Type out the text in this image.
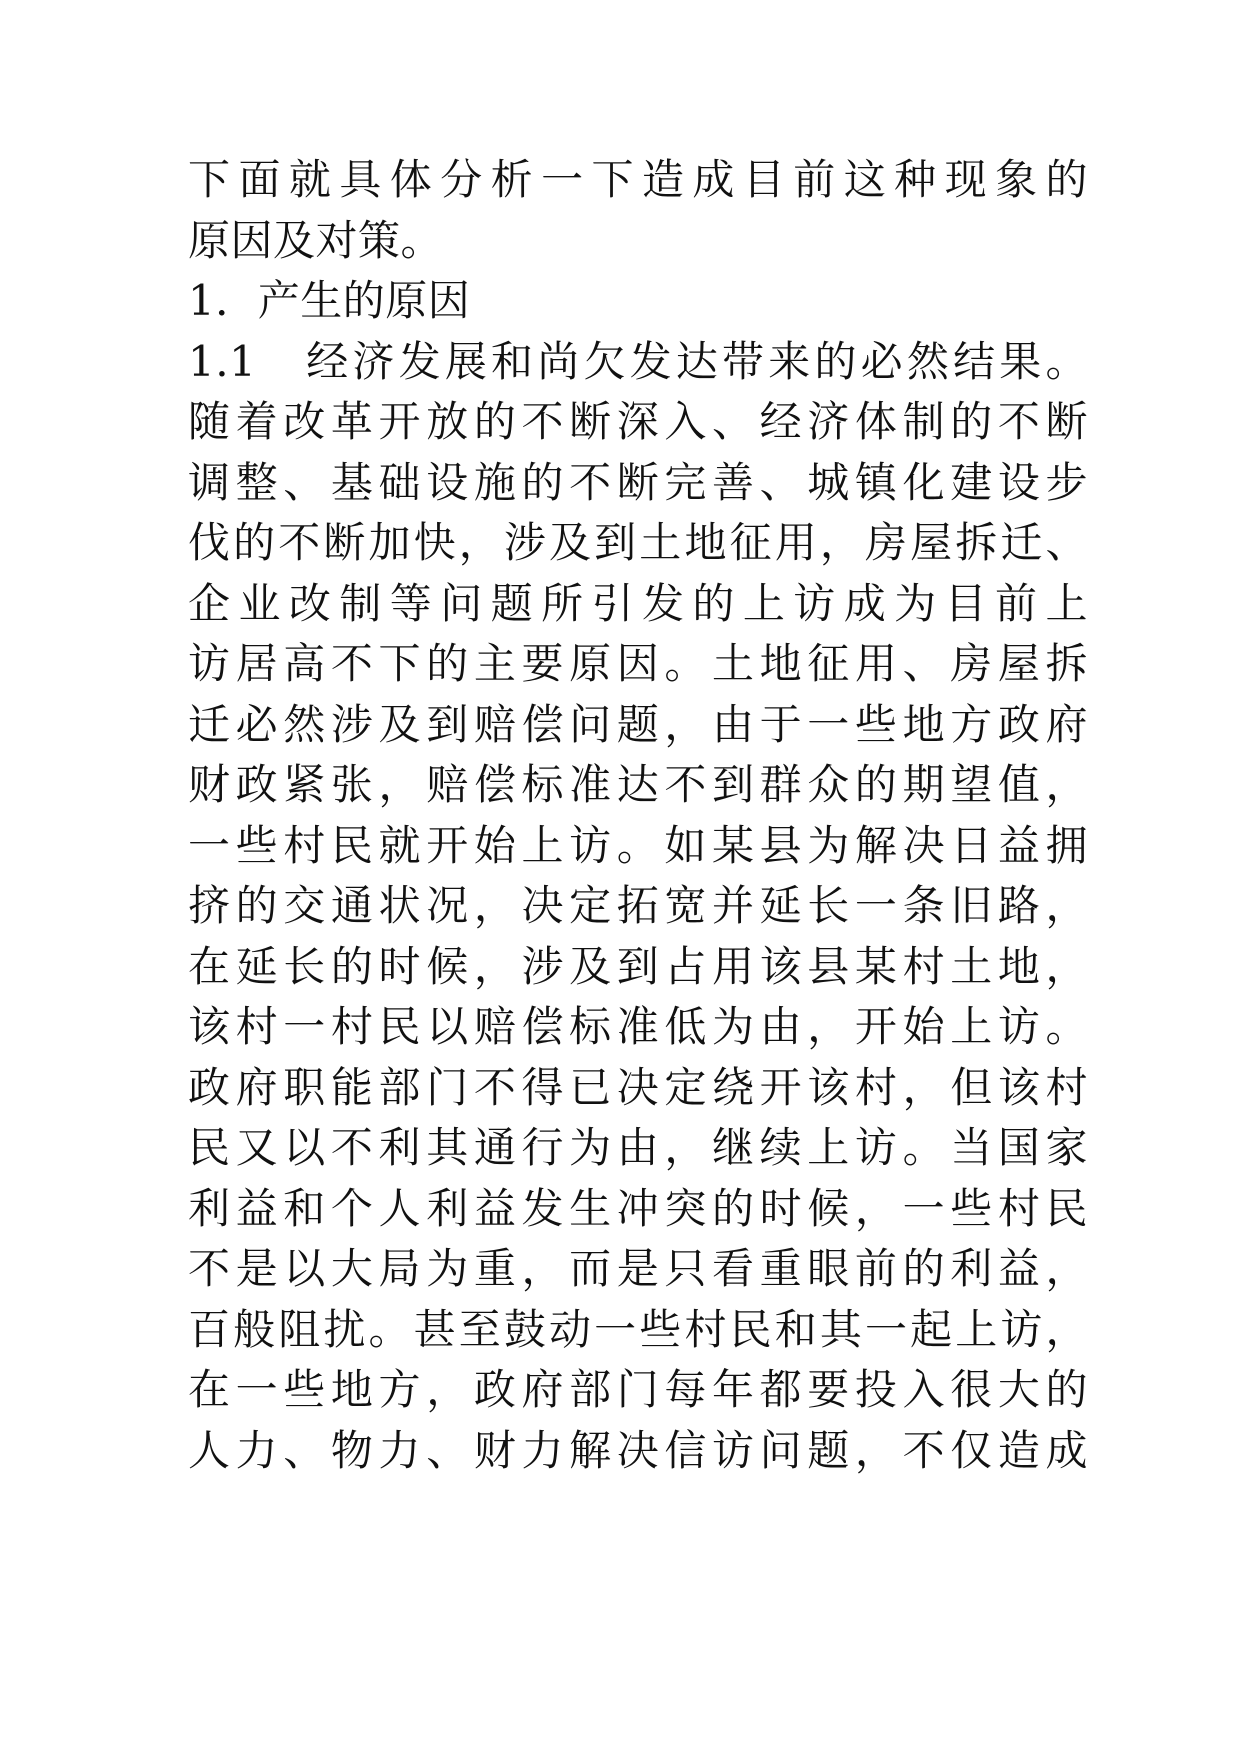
下面就具体分析一下造成目前这种现象的
原因及对策。
1．产生的原因
1.1　经济发展和尚欠发达带来的必然结果。
随着改革开放的不断深入、经济体制的不断
调整、基础设施的不断完善、城镇化建设步
伐的不断加快，涉及到土地征用，房屋拆迁、
企业改制等问题所引发的上访成为目前上
访居高不下的主要原因。土地征用、房屋拆
迁必然涉及到赔偿问题，由于一些地方政府
财政紧张，赔偿标准达不到群众的期望值，
一些村民就开始上访。如某县为解决日益拥
挤的交通状况，决定拓宽并延长一条旧路，
在延长的时候，涉及到占用该县某村土地，
该村一村民以赔偿标准低为由，开始上访。
政府职能部门不得已决定绕开该村，但该村
民又以不利其通行为由，继续上访。当国家
利益和个人利益发生冲突的时候，一些村民
不是以大局为重，而是只看重眼前的利益，
百般阻扰。甚至鼓动一些村民和其一起上访，
在一些地方，政府部门每年都要投入很大的
人力、物力、财力解决信访问题，不仅造成
